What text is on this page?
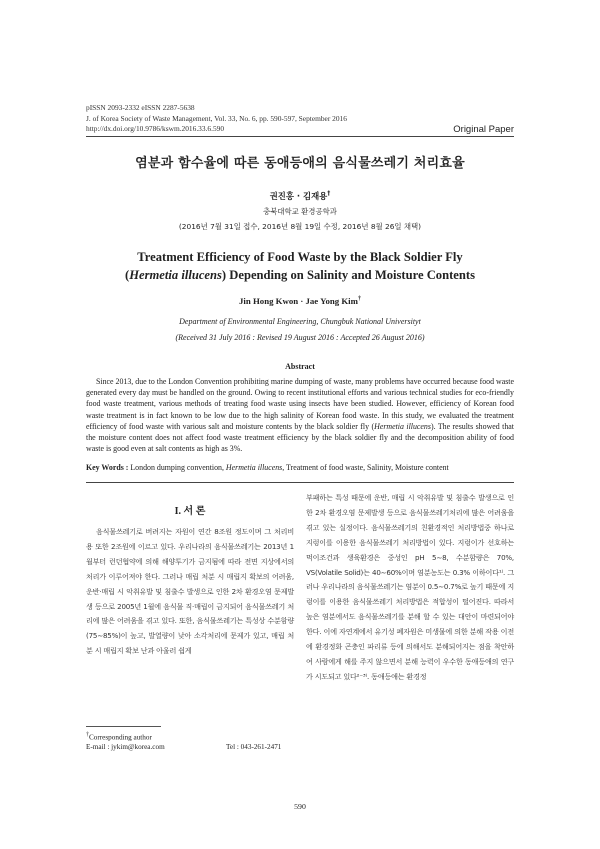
pISSN 2093-2332 eISSN 2287-5638
J. of Korea Society of Waste Management, Vol. 33, No. 6, pp. 590-597, September 2016
http://dx.doi.org/10.9786/kswm.2016.33.6.590	Original Paper
염분과 함수율에 따른 동애등애의 음식물쓰레기 처리효율
권진홍 · 김재용†
충북대학교 환경공학과
(2016년 7월 31일 접수, 2016년 8월 19일 수정, 2016년 8월 26일 채택)
Treatment Efficiency of Food Waste by the Black Soldier Fly
(Hermetia illucens) Depending on Salinity and Moisture Contents
Jin Hong Kwon · Jae Yong Kim†
Department of Environmental Engineering, Chungbuk National Universityt
(Received 31 July 2016 : Revised 19 August 2016 : Accepted 26 August 2016)
Abstract
Since 2013, due to the London Convention prohibiting marine dumping of waste, many problems have occurred because food waste generated every day must be handled on the ground. Owing to recent institutional efforts and various technical studies for eco-friendly food waste treatment, various methods of treating food waste using insects have been studied. However, efficiency of Korean food waste treatment is in fact known to be low due to the high salinity of Korean food waste. In this study, we evaluated the treatment efficiency of food waste with various salt and moisture contents by the black soldier fly (Hermetia illucens). The results showed that the moisture content does not affect food waste treatment efficiency by the black soldier fly and the decomposition ability of food waste is good even at salt contents as high as 3%.
Key Words : London dumping convention, Hermetia illucens, Treatment of food waste, Salinity, Moisture content
I. 서 론

음식물쓰레기로 버려지는 자원이 연간 8조원 정도이며 그 처리비용 또한 2조원에 이르고 있다. 우리나라의 음식물쓰레기는 2013년 1월부터 런던협약에 의해 해양투기가 금지됨에 따라 전면 지상에서의 처리가 이루어져야 한다. 그러나 매립 처분 시 매립지 확보의 어려움, 운반·매립 시 악취유발 및 침출수 발생으로 인한 2차 환경오염 문제발생 등으로 2005년 1월에 음식물 직·매립이 금지되어 음식물쓰레기 처리에 많은 어려움을 겪고 있다. 또한, 음식물쓰레기는 특성상 수분함량(75∼85%)이 높고, 발열량이 낮아 소각처리에 문제가 있고, 매립 처분 시 매립지 확보 난과 아울러 쉽게

부패하는 특성 때문에 운반, 매립 시 악취유발 및 침출수 발생으로 인한 2차 환경오염 문제발생 등으로 음식물쓰레기처리에 많은 어려움을 겪고 있는 실정이다. 음식물쓰레기의 친환경적인 처리방법중 하나로 지렁이를 이용한 음식물쓰레기 처리방법이 있다. 지렁이가 선호하는 먹이조건과 생육환경은 중성인 pH 5∼8, 수분함량은 70%, VS(Volatile Solid)는 40∼60%이며 염분농도는 0.3% 이하이다¹⁾. 그러나 우리나라의 음식물쓰레기는 염분이 0.5∼0.7%로 높기 때문에 지렁이를 이용한 음식물쓰레기 처리방법은 적합성이 떨어진다. 따라서 높은 염분에서도 음식물쓰레기를 분해 할 수 있는 대안이 마련되어야 한다. 이에 자연계에서 유기성 폐자원은 미생물에 의한 분해 작용 이전에 환경정화 곤충인 파리류 등에 의해서도 분해되어지는 점을 착안하여 사람에게 해를 주지 않으면서 분해 능력이 우수한 동애등애의 연구가 시도되고 있다²⁻³⁾. 동애등애는 환경정

†Corresponding author
E-mail : jykim@korea.com	Tel : 043-261-2471
590
